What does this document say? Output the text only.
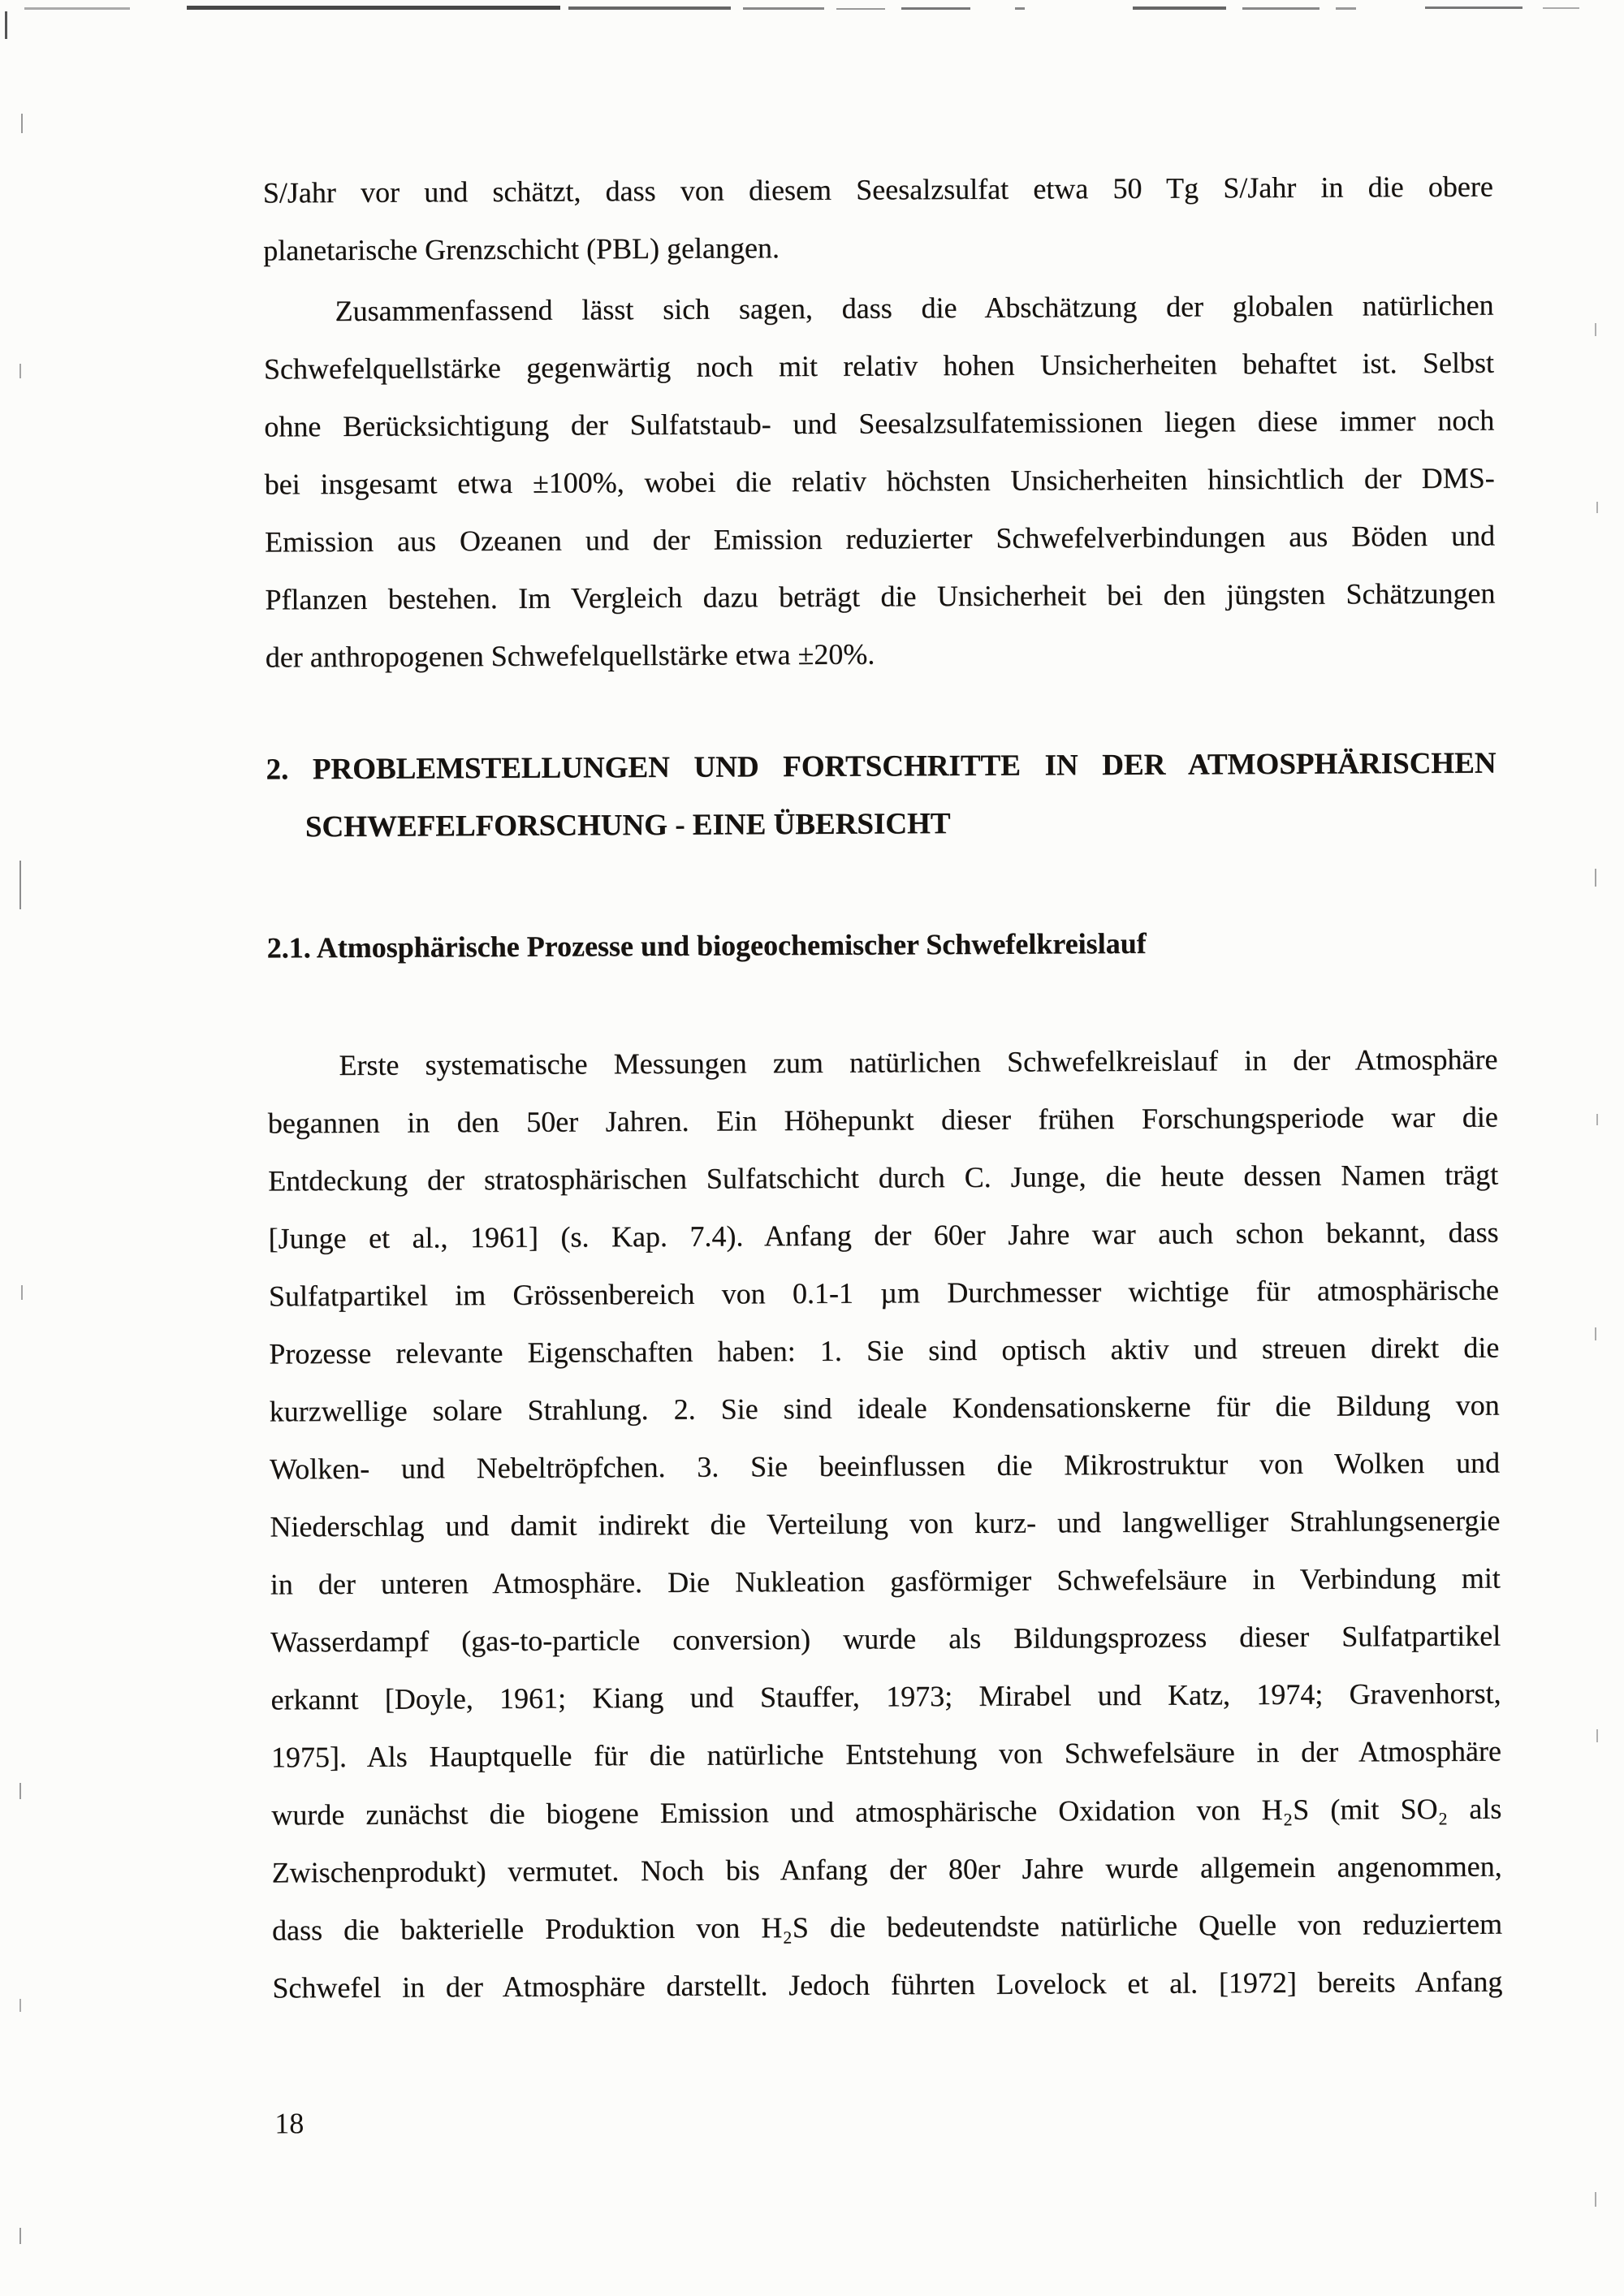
S/Jahr vor und schätzt, dass von diesem Seesalzsulfat etwa 50 Tg S/Jahr in die obere
planetarische Grenzschicht (PBL) gelangen.
Zusammenfassend lässt sich sagen, dass die Abschätzung der globalen natürlichen
Schwefelquellstärke gegenwärtig noch mit relativ hohen Unsicherheiten behaftet ist. Selbst
ohne Berücksichtigung der Sulfatstaub- und Seesalzsulfatemissionen liegen diese immer noch
bei insgesamt etwa ±100%, wobei die relativ höchsten Unsicherheiten hinsichtlich der DMS-
Emission aus Ozeanen und der Emission reduzierter Schwefelverbindungen aus Böden und
Pflanzen bestehen. Im Vergleich dazu beträgt die Unsicherheit bei den jüngsten Schätzungen
der anthropogenen Schwefelquellstärke etwa ±20%.
2. PROBLEMSTELLUNGEN UND FORTSCHRITTE IN DER ATMOSPHÄRISCHEN
SCHWEFELFORSCHUNG - EINE ÜBERSICHT
2.1. Atmosphärische Prozesse und biogeochemischer Schwefelkreislauf
Erste systematische Messungen zum natürlichen Schwefelkreislauf in der Atmosphäre
begannen in den 50er Jahren. Ein Höhepunkt dieser frühen Forschungsperiode war die
Entdeckung der stratosphärischen Sulfatschicht durch C. Junge, die heute dessen Namen trägt
[Junge et al., 1961] (s. Kap. 7.4). Anfang der 60er Jahre war auch schon bekannt, dass
Sulfatpartikel im Grössenbereich von 0.1-1 µm Durchmesser wichtige für atmosphärische
Prozesse relevante Eigenschaften haben: 1. Sie sind optisch aktiv und streuen direkt die
kurzwellige solare Strahlung. 2. Sie sind ideale Kondensationskerne für die Bildung von
Wolken- und Nebeltröpfchen. 3. Sie beeinflussen die Mikrostruktur von Wolken und
Niederschlag und damit indirekt die Verteilung von kurz- und langwelliger Strahlungsenergie
in der unteren Atmosphäre. Die Nukleation gasförmiger Schwefelsäure in Verbindung mit
Wasserdampf (gas-to-particle conversion) wurde als Bildungsprozess dieser Sulfatpartikel
erkannt [Doyle, 1961; Kiang und Stauffer, 1973; Mirabel und Katz, 1974; Gravenhorst,
1975]. Als Hauptquelle für die natürliche Entstehung von Schwefelsäure in der Atmosphäre
wurde zunächst die biogene Emission und atmosphärische Oxidation von H₂S (mit SO₂ als
Zwischenprodukt) vermutet. Noch bis Anfang der 80er Jahre wurde allgemein angenommen,
dass die bakterielle Produktion von H₂S die bedeutendste natürliche Quelle von reduziertem
Schwefel in der Atmosphäre darstellt. Jedoch führten Lovelock et al. [1972] bereits Anfang
18
